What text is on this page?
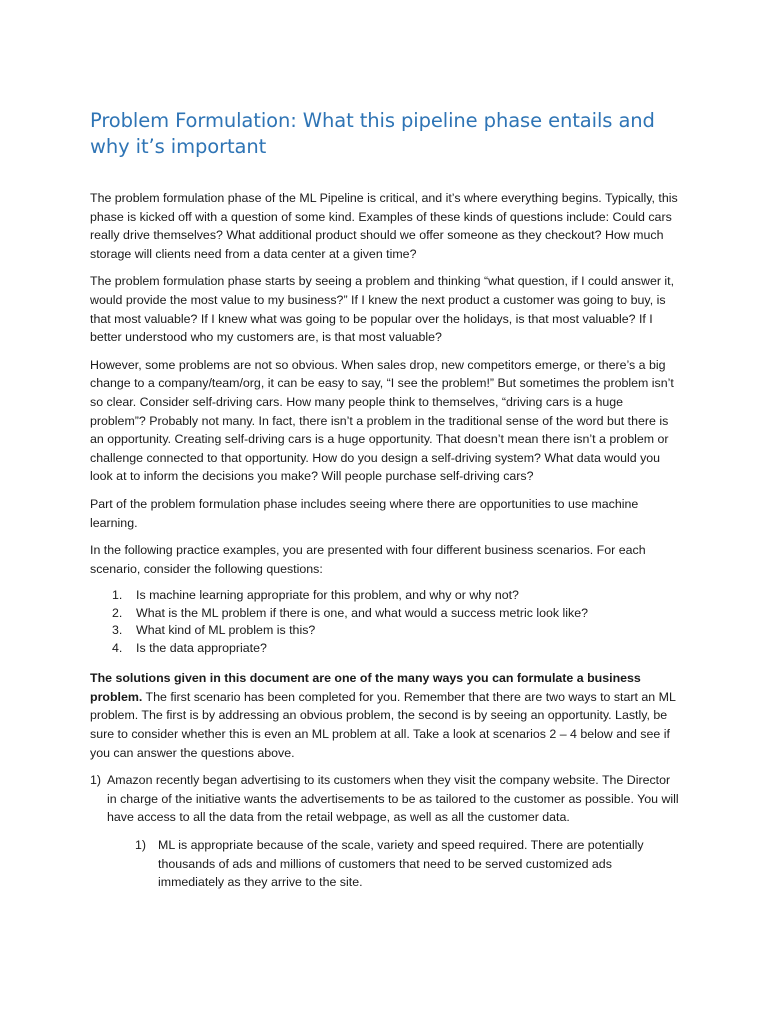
Problem Formulation: What this pipeline phase entails and why it’s important

The problem formulation phase of the ML Pipeline is critical, and it’s where everything begins. Typically, this phase is kicked off with a question of some kind. Examples of these kinds of questions include: Could cars really drive themselves? What additional product should we offer someone as they checkout? How much storage will clients need from a data center at a given time?

The problem formulation phase starts by seeing a problem and thinking “what question, if I could answer it, would provide the most value to my business?” If I knew the next product a customer was going to buy, is that most valuable? If I knew what was going to be popular over the holidays, is that most valuable? If I better understood who my customers are, is that most valuable?

However, some problems are not so obvious. When sales drop, new competitors emerge, or there’s a big change to a company/team/org, it can be easy to say, “I see the problem!” But sometimes the problem isn’t so clear. Consider self-driving cars. How many people think to themselves, “driving cars is a huge problem”? Probably not many. In fact, there isn’t a problem in the traditional sense of the word but there is an opportunity. Creating self-driving cars is a huge opportunity. That doesn’t mean there isn’t a problem or challenge connected to that opportunity. How do you design a self-driving system? What data would you look at to inform the decisions you make? Will people purchase self-driving cars?

Part of the problem formulation phase includes seeing where there are opportunities to use machine learning.

In the following practice examples, you are presented with four different business scenarios. For each scenario, consider the following questions:

1. Is machine learning appropriate for this problem, and why or why not?
2. What is the ML problem if there is one, and what would a success metric look like?
3. What kind of ML problem is this?
4. Is the data appropriate?

The solutions given in this document are one of the many ways you can formulate a business problem. The first scenario has been completed for you. Remember that there are two ways to start an ML problem. The first is by addressing an obvious problem, the second is by seeing an opportunity. Lastly, be sure to consider whether this is even an ML problem at all. Take a look at scenarios 2 – 4 below and see if you can answer the questions above.

1) Amazon recently began advertising to its customers when they visit the company website. The Director in charge of the initiative wants the advertisements to be as tailored to the customer as possible. You will have access to all the data from the retail webpage, as well as all the customer data.
1) ML is appropriate because of the scale, variety and speed required. There are potentially thousands of ads and millions of customers that need to be served customized ads immediately as they arrive to the site.
